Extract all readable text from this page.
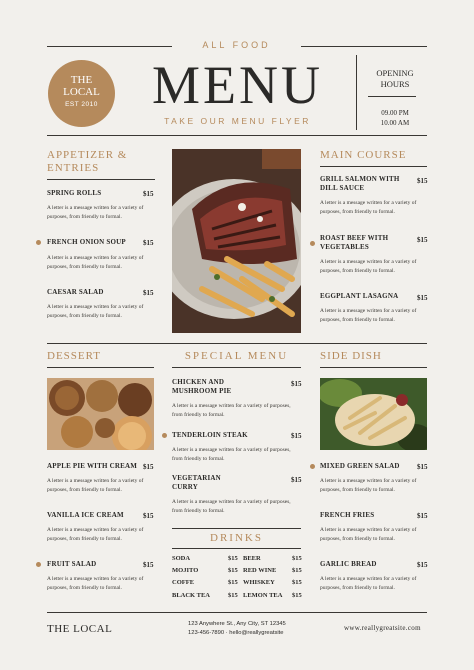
ALL FOOD
THE LOCAL
EST 2010	MENU
TAKE OUR MENU FLYER
OPENING HOURS
09.00 PM
10.00 AM
APPETIZER & ENTRIES
SPRING ROLLS	$15
A letter is a message written for a variety of purposes, from friendly to formal.
FRENCH ONION SOUP $15
A letter is a message written for a variety of purposes, from friendly to formal.
CAESAR SALAD	$15
A letter is a message written for a variety of purposes, from friendly to formal.
MAIN COURSE
GRILL SALMON WITH DILL SAUCE
$15
A letter is a message written for a variety of purposes, from friendly to formal.
ROAST BEEF WITH VEGETABLES
$15
A letter is a message written for a variety of purposes, from friendly to formal.
EGGPLANT LASAGNA	$15
A letter is a message written for a variety of purposes, from friendly to formal.
DESSERT
APPLE PIE WITH CREAM $15
A letter is a message written for a variety of purposes, from friendly to formal.
VANILLA ICE CREAM	$15
A letter is a message written for a variety of purposes, from friendly to formal.
FRUIT SALAD	$15
A letter is a message written for a variety of purposes, from friendly to formal.
SPECIAL MENU
CHICKEN AND MUSHROOM PIE
$15
A letter is a message written for a variety of purposes, from friendly to formal.
TENDERLOIN STEAK	$15
A letter is a message written for a variety of purposes, from friendly to formal.
VEGETARIAN CURRY
$15
A letter is a message written for a variety of purposes, from friendly to formal.
DRINKS
SODA	$15 BEER	$15
MOJITO	$15 RED WINE $15
COFFE	$15 WHISKEY	$15
BLACK TEA	$15 LEMON TEA $15
SIDE DISH
MIXED GREEN SALAD $15
A letter is a message written for a variety of purposes, from friendly to formal.
FRENCH FRIES	$15
A letter is a message written for a variety of purposes, from friendly to formal.
GARLIC BREAD	$15
A letter is a message written for a variety of purposes, from friendly to formal.
THE LOCAL	123 Anywhere St., Any City, ST 12345
123-456-7890 · hello@reallygreatsite
www.reallygreatsite.com
